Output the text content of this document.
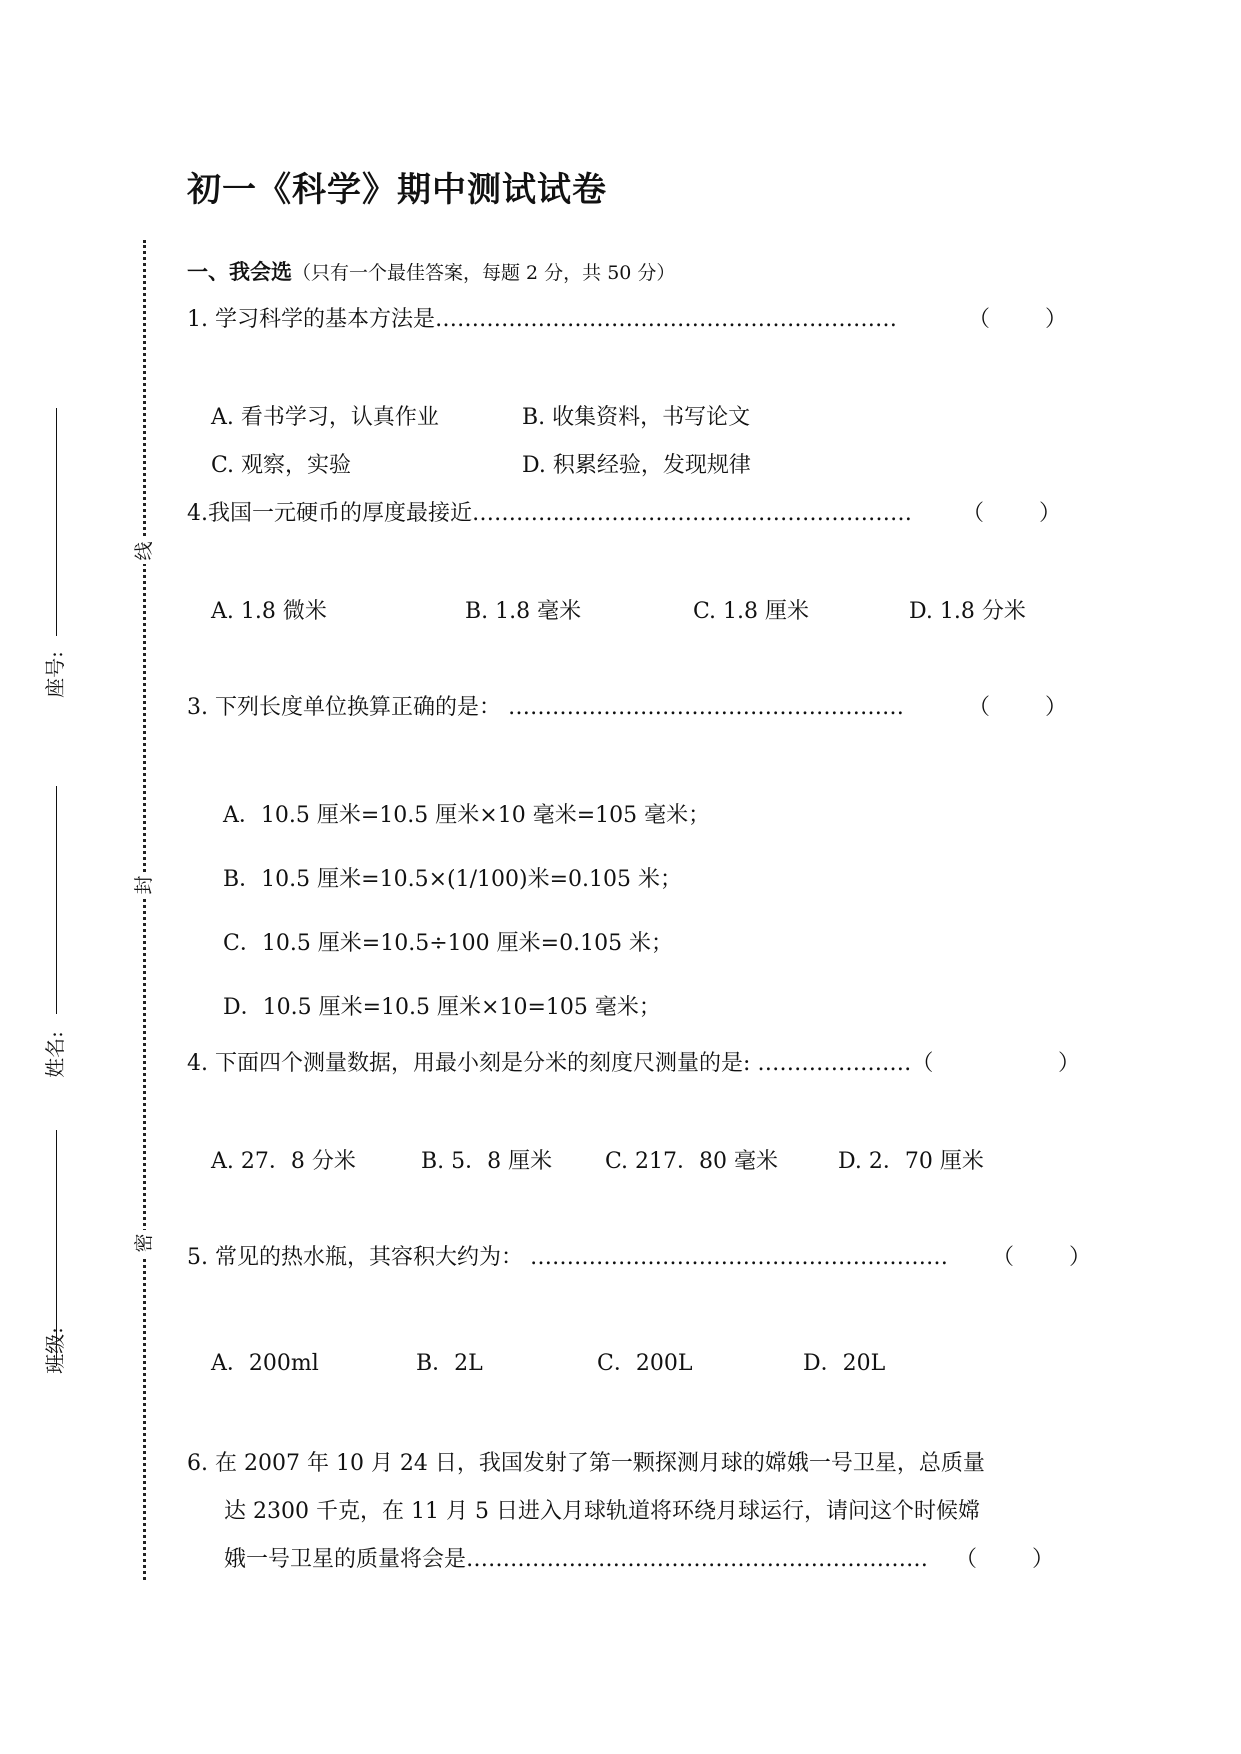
线
封
密
座号:
姓名:
班级:
初一《科学》期中测试试卷
一、我会选（只有一个最佳答案，每题 2 分，共 50 分）
1. 学习科学的基本方法是………………………………………………………	（ ）
A. 看书学习，认真作业	B. 收集资料，书写论文
C. 观察，实验	D. 积累经验，发现规律
4.我国一元硬币的厚度最接近…………………………………………………… （ ）
A. 1.8 微米	B. 1.8 毫米	C. 1.8 厘米	D. 1.8 分米
3. 下列长度单位换算正确的是： ………………………………………………	（ ）
A．10.5 厘米=10.5 厘米×10 毫米=105 毫米；
B．10.5 厘米=10.5×(1/100)米=0.105 米；
C．10.5 厘米=10.5÷100 厘米=0.105 米；
D．10.5 厘米=10.5 厘米×10=105 毫米；
4. 下面四个测量数据，用最小刻是分米的刻度尺测量的是: …………………（	）
A. 27．8 分米	B. 5．8 厘米 C. 217．80 毫米	D. 2．70 厘米
5. 常见的热水瓶，其容积大约为： ………………………………………………… （ ）
A．200ml	B．2L	C．200L	D．20L
6. 在 2007 年 10 月 24 日，我国发射了第一颗探测月球的嫦娥一号卫星，总质量
达 2300 千克，在 11 月 5 日进入月球轨道将环绕月球运行，请问这个时候嫦
娥一号卫星的质量将会是……………………………………………………… （ ）
